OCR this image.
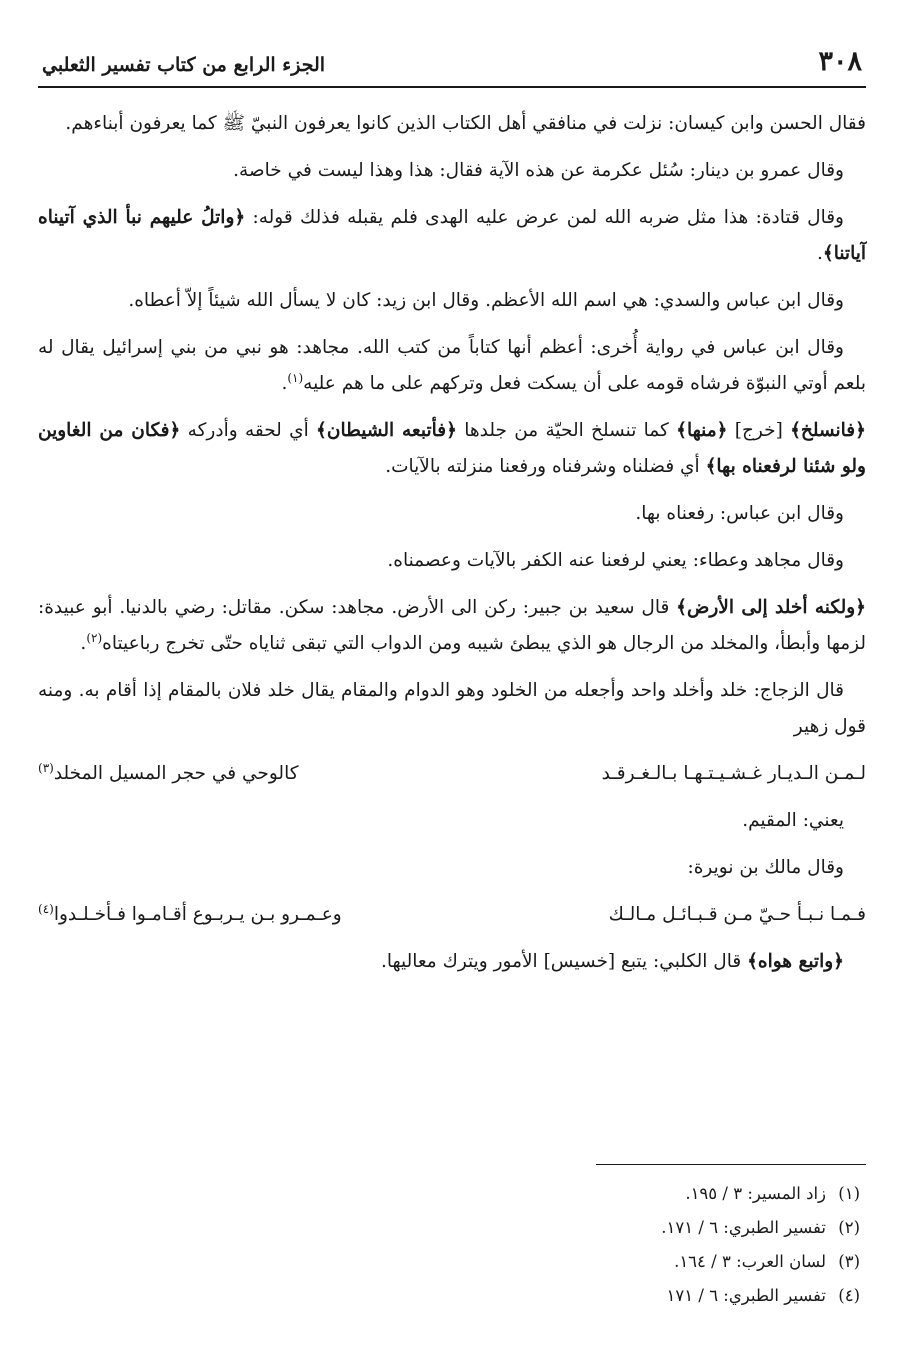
٣٠٨
الجزء الرابع من كتاب تفسير الثعلبي

فقال الحسن وابن كيسان: نزلت في منافقي أهل الكتاب الذين كانوا يعرفون النبيّ ﷺ كما يعرفون أبناءهم.

وقال عمرو بن دينار: سُئل عكرمة عن هذه الآية فقال: هذا وهذا ليست في خاصة.

وقال قتادة: هذا مثل ضربه الله لمن عرض عليه الهدى فلم يقبله فذلك قوله: ﴿واتلُ عليهم نبأ الذي آتيناه آياتنا﴾.

وقال ابن عباس والسدي: هي اسم الله الأعظم. وقال ابن زيد: كان لا يسأل الله شيئاً إلاّ أعطاه.

وقال ابن عباس في رواية أُخرى: أعظم أنها كتاباً من كتب الله. مجاهد: هو نبي من بني إسرائيل يقال له بلعم أوتي النبوّة فرشاه قومه على أن يسكت فعل وتركهم على ما هم عليه$^{(١)}$.

﴿فانسلخ﴾ [خرج] ﴿منها﴾ كما تنسلخ الحيّة من جلدها ﴿فأتبعه الشيطان﴾ أي لحقه وأدركه ﴿فكان من الغاوين ولو شئنا لرفعناه بها﴾ أي فضلناه وشرفناه ورفعنا منزلته بالآيات.

وقال ابن عباس: رفعناه بها.

وقال مجاهد وعطاء: يعني لرفعنا عنه الكفر بالآيات وعصمناه.

﴿ولكنه أخلد إلى الأرض﴾ قال سعيد بن جبير: ركن الى الأرض. مجاهد: سكن. مقاتل: رضي بالدنيا. أبو عبيدة: لزمها وأبطأ، والمخلد من الرجال هو الذي يبطئ شيبه ومن الدواب التي تبقى ثناياه حتّى تخرج رباعيتاه$^{(٢)}$.

قال الزجاج: خلد وأخلد واحد وأجعله من الخلود وهو الدوام والمقام يقال خلد فلان بالمقام إذا أقام به. ومنه قول زهير

لـمـن الـديـار غـشـيـتـهـا بـالـغـرقـد
كالوحي في حجر المسيل المخلد$^{(٣)}$

يعني: المقيم.

وقال مالك بن نويرة:

فـمـا نـبـأ حـيّ مـن قـبـائـل مـالـك
وعـمـرو بـن يـربـوع أقـامـوا فـأخـلـدوا$^{(٤)}$

﴿واتبع هواه﴾ قال الكلبي: يتبع [خسيس] الأمور ويترك معاليها.

(١)زاد المسير: ٣ / ١٩٥.
(٢)تفسير الطبري: ٦ / ١٧١.
(٣)لسان العرب: ٣ / ١٦٤.
(٤)تفسير الطبري: ٦ / ١٧١
